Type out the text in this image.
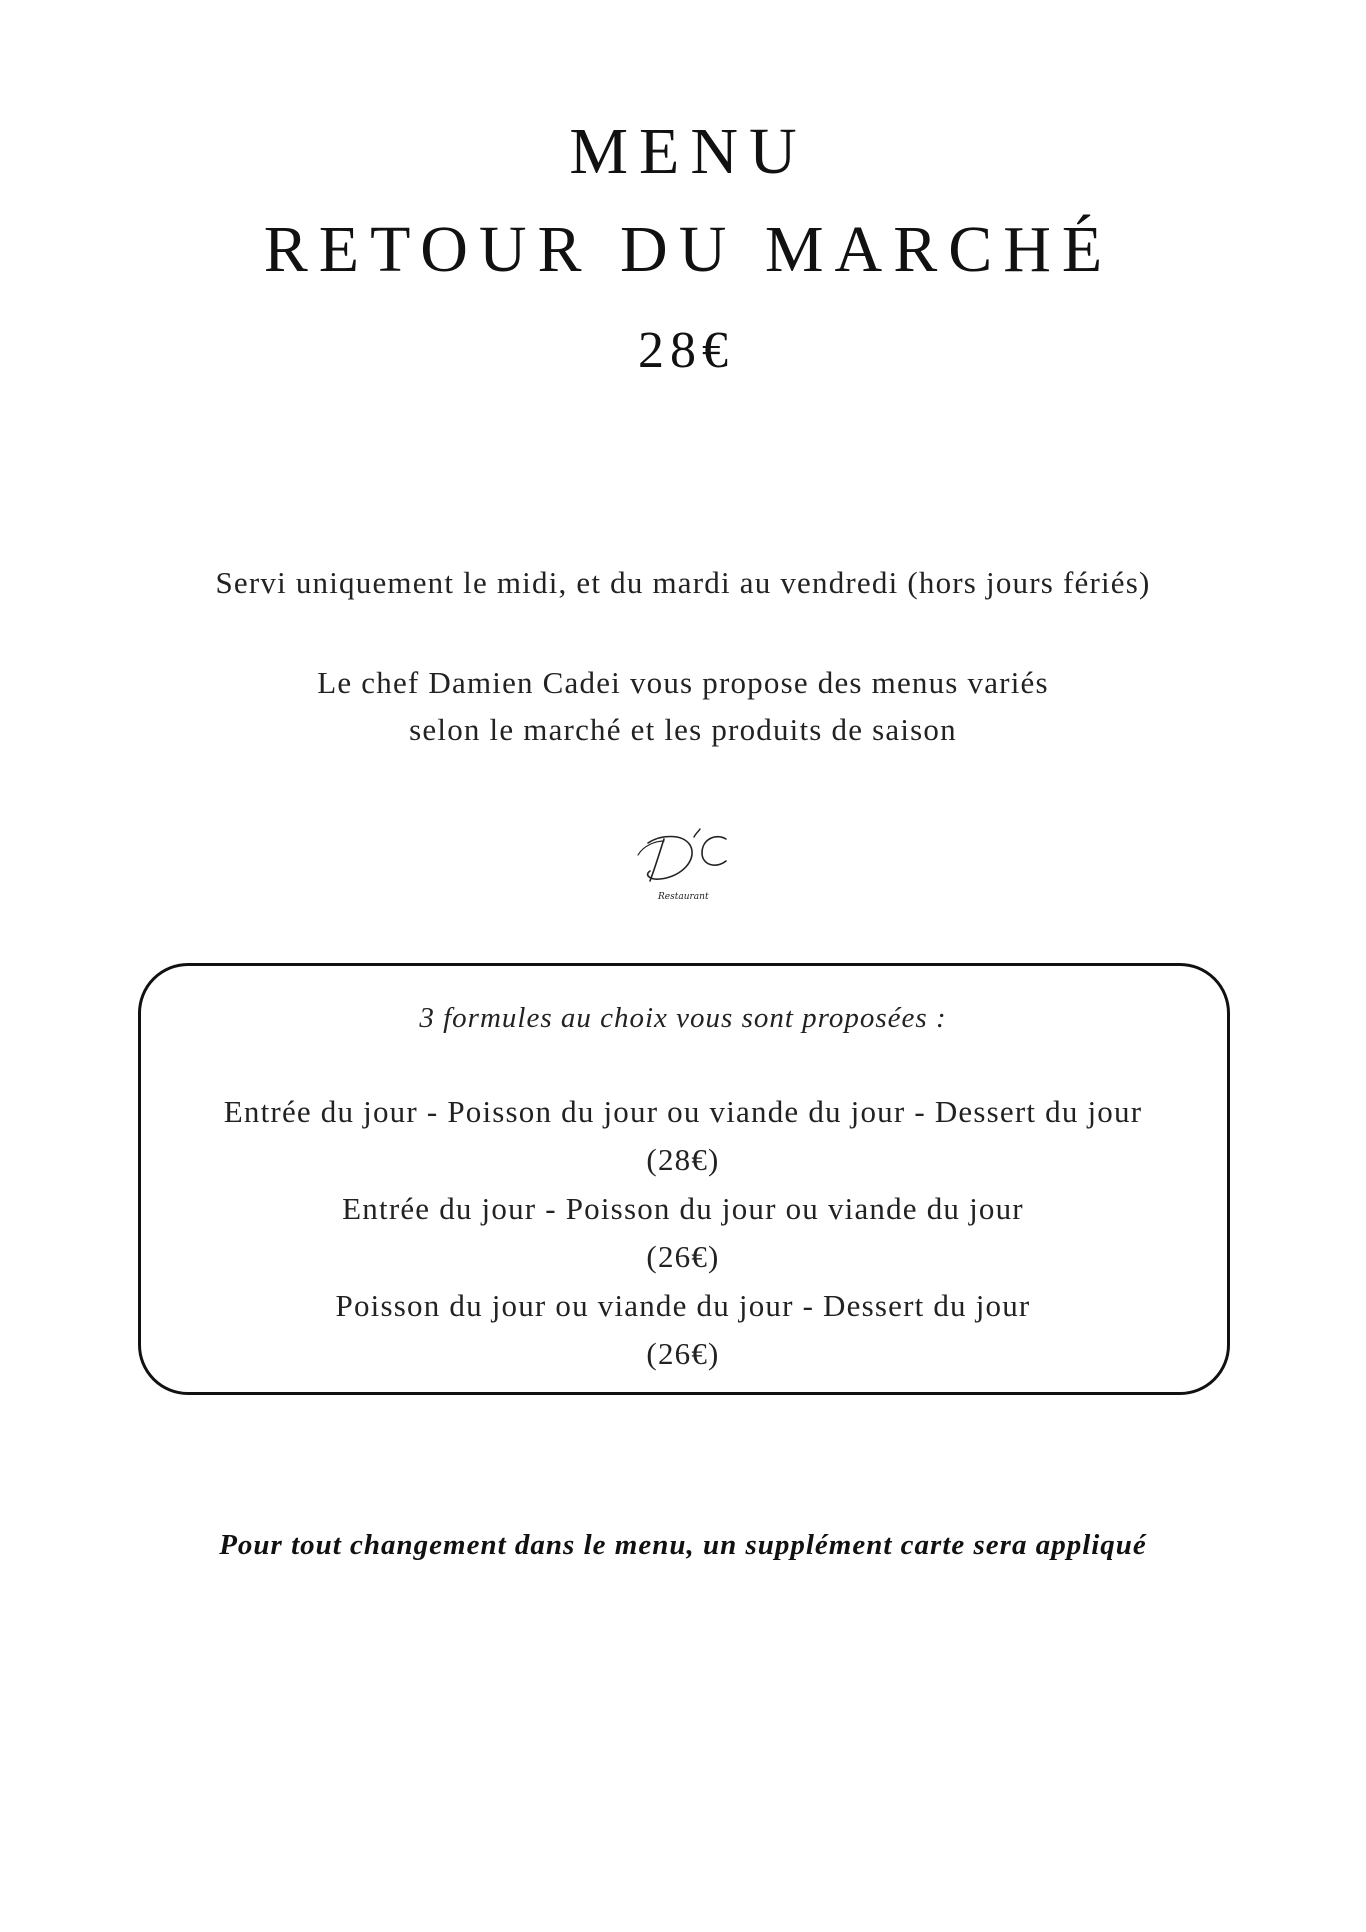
MENU
RETOUR DU MARCHÉ
28€

Servi uniquement le midi, et du mardi au vendredi (hors jours fériés)

Le chef Damien Cadei vous propose des menus variés

selon le marché et les produits de saison

Restaurant

3 formules au choix vous sont proposées :

Entrée du jour - Poisson du jour ou viande du jour - Dessert du jour

(28€)

Entrée du jour - Poisson du jour ou viande du jour

(26€)

Poisson du jour ou viande du jour - Dessert du jour

(26€)

Pour tout changement dans le menu, un supplément carte sera appliqué
